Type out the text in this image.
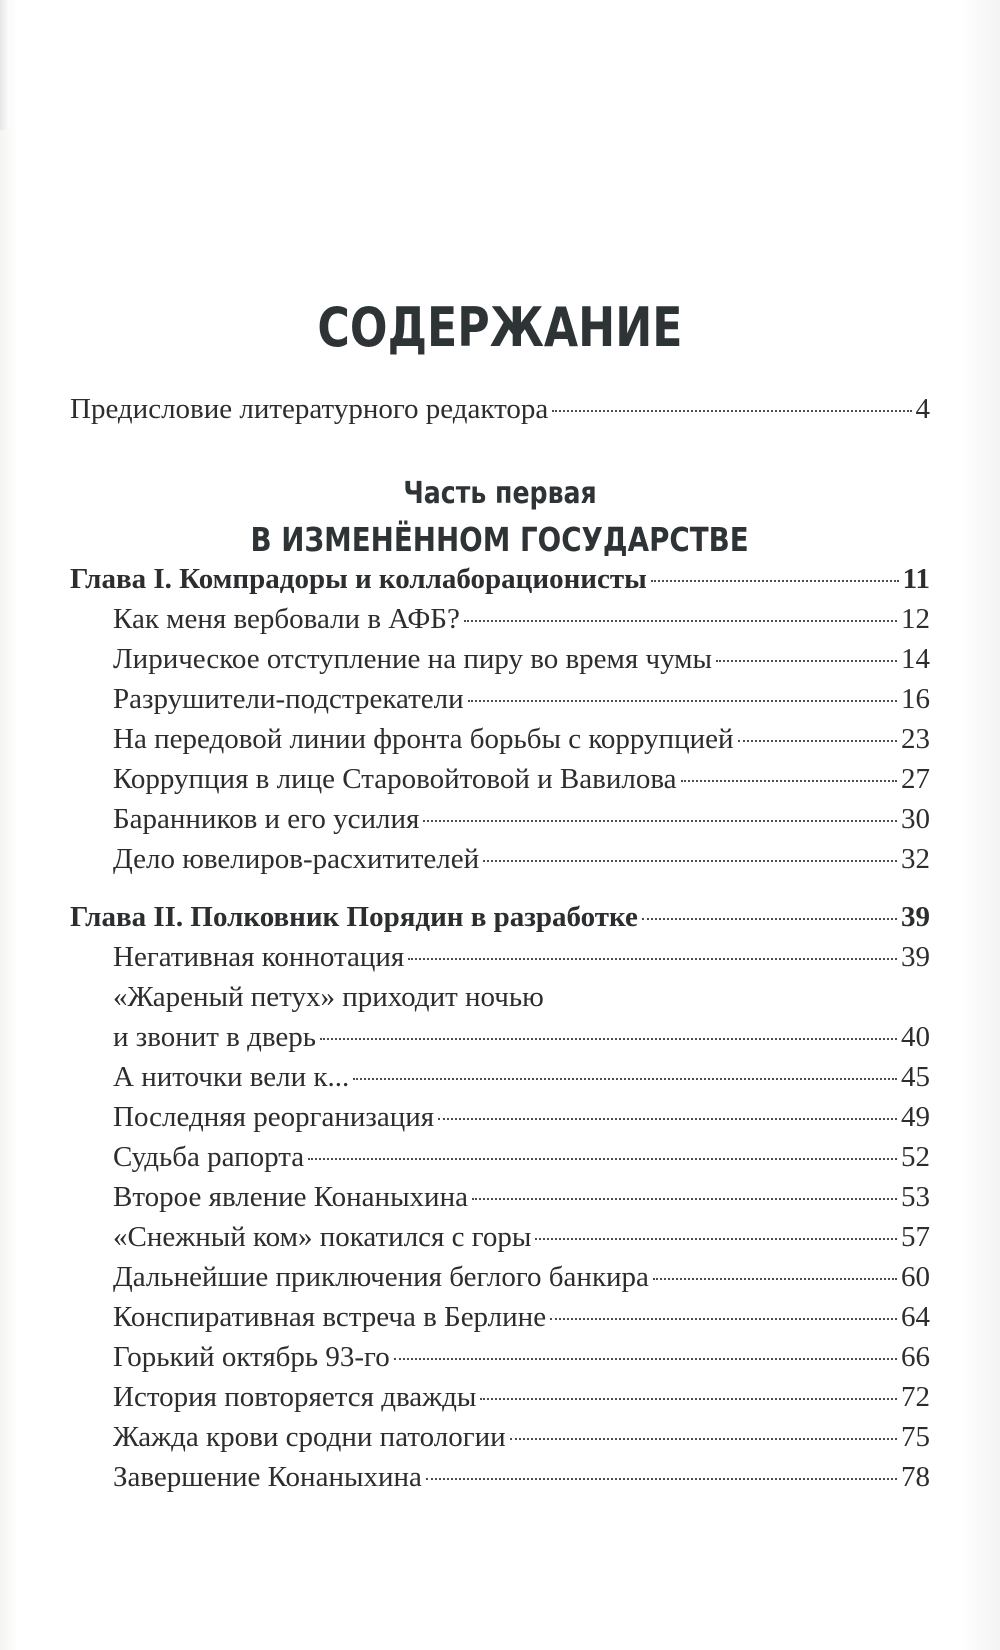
СОДЕРЖАНИЕ
Предисловие литературного редактора	4
Часть первая
В ИЗМЕНЁННОМ ГОСУДАРСТВЕ
Глава I. Компрадоры и коллаборационисты	11
Как меня вербовали в АФБ?	12
Лирическое отступление на пиру во время чумы	14
Разрушители-подстрекатели	16
На передовой линии фронта борьбы с коррупцией	23
Коррупция в лице Старовойтовой и Вавилова	27
Баранников и его усилия	30
Дело ювелиров-расхитителей	32
Глава II. Полковник Порядин в разработке	39
Негативная коннотация	39
«Жареный петух» приходит ночью
и звонит в дверь	40
А ниточки вели к...	45
Последняя реорганизация	49
Судьба рапорта	52
Второе явление Конаныхина	53
«Снежный ком» покатился с горы	57
Дальнейшие приключения беглого банкира	60
Конспиративная встреча в Берлине	64
Горький октябрь 93-го	66
История повторяется дважды	72
Жажда крови сродни патологии	75
Завершение Конаныхина	78
